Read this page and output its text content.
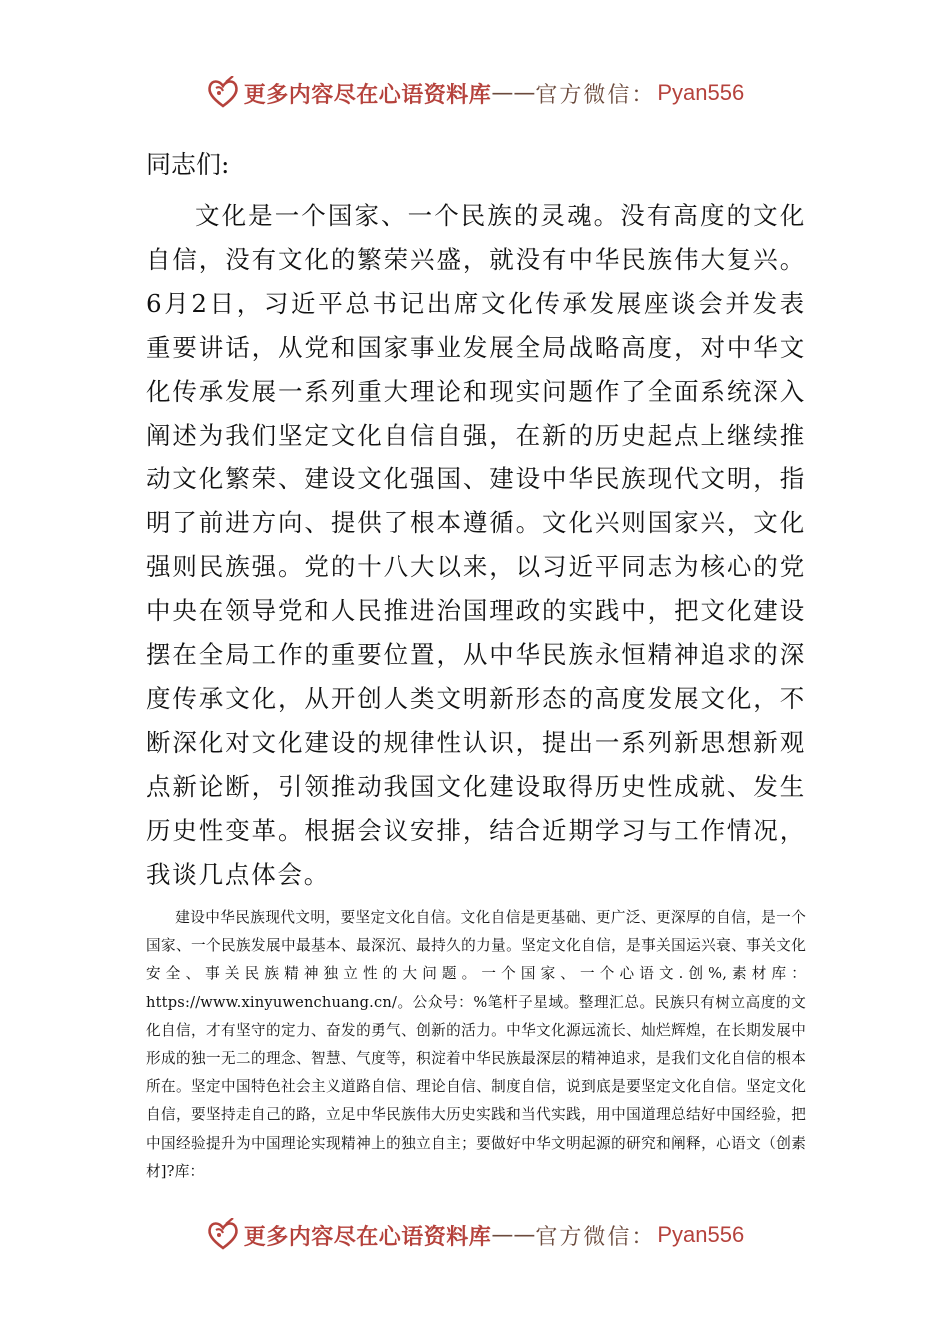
更多内容尽在心语资料库 —— 官方微信： Pyan556
同志们:

文化是一个国家、一个民族的灵魂。没有高度的文化自信，没有文化的繁荣兴盛，就没有中华民族伟大复兴。6月2日，习近平总书记出席文化传承发展座谈会并发表重要讲话，从党和国家事业发展全局战略高度，对中华文化传承发展一系列重大理论和现实问题作了全面系统深入阐述为我们坚定文化自信自强，在新的历史起点上继续推动文化繁荣、建设文化强国、建设中华民族现代文明，指明了前进方向、提供了根本遵循。文化兴则国家兴，文化强则民族强。党的十八大以来，以习近平同志为核心的党中央在领导党和人民推进治国理政的实践中，把文化建设摆在全局工作的重要位置，从中华民族永恒精神追求的深度传承文化，从开创人类文明新形态的高度发展文化，不断深化对文化建设的规律性认识，提出一系列新思想新观点新论断，引领推动我国文化建设取得历史性成就、发生历史性变革。根据会议安排，结合近期学习与工作情况，我谈几点体会。

建设中华民族现代文明，要坚定文化自信。文化自信是更基础、更广泛、更深厚的自信，是一个国家、一个民族发展中最基本、最深沉、最持久的力量。坚定文化自信，是事关国运兴衰、事关文化安全、事关民族精神独立性的大问题。一个国家、一个心语文.创%,素材库：https://www.xinyuwenchuang.cn/。公众号：%笔杆子星域。整理汇总。民族只有树立高度的文化自信，才有坚守的定力、奋发的勇气、创新的活力。中华文化源远流长、灿烂辉煌，在长期发展中形成的独一无二的理念、智慧、气度等，积淀着中华民族最深层的精神追求，是我们文化自信的根本所在。坚定中国特色社会主义道路自信、理论自信、制度自信，说到底是要坚定文化自信。坚定文化自信，要坚持走自己的路，立足中华民族伟大历史实践和当代实践，用中国道理总结好中国经验，把中国经验提升为中国理论实现精神上的独立自主；要做好中华文明起源的研究和阐释，心语文（创素材]?库：

更多内容尽在心语资料库 —— 官方微信： Pyan556
